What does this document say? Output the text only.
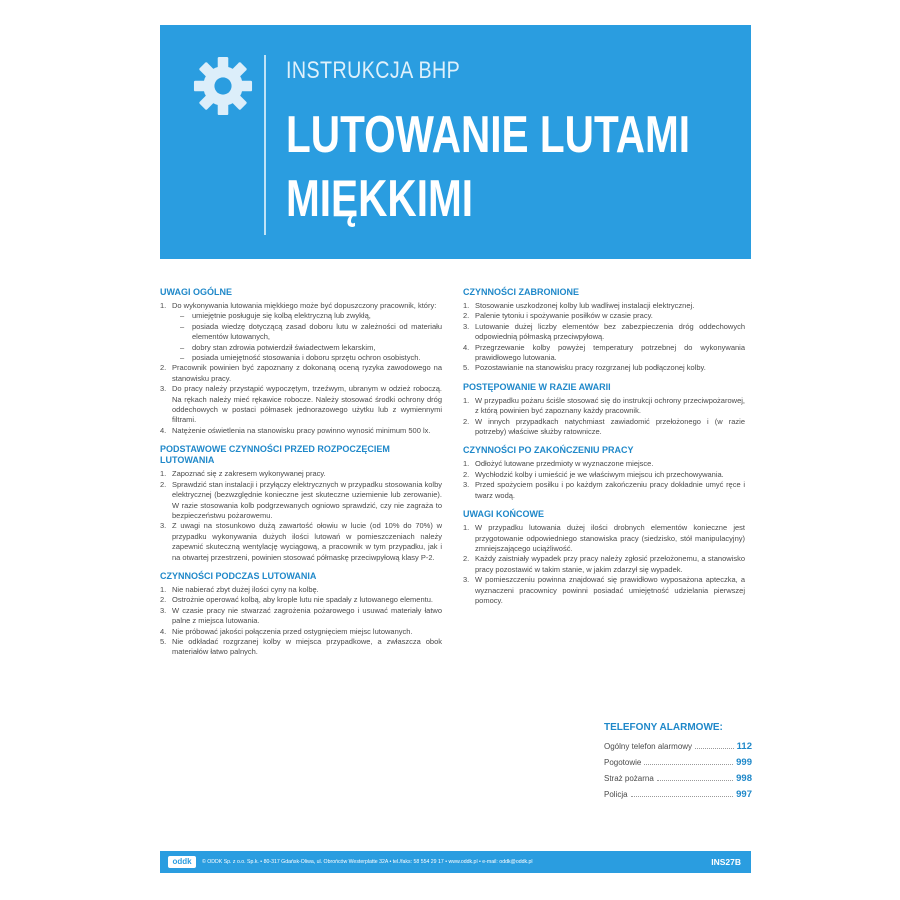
INSTRUKCJA BHP
LUTOWANIE LUTAMI MIĘKKIMI
UWAGI OGÓLNE
1. Do wykonywania lutowania miękkiego może być dopuszczony pracownik, który:
– umiejętnie posługuje się kolbą elektryczną lub zwykłą,
– posiada wiedzę dotyczącą zasad doboru lutu w zależności od materiału elementów lutowanych,
– dobry stan zdrowia potwierdził świadectwem lekarskim,
– posiada umiejętność stosowania i doboru sprzętu ochron osobistych.
2. Pracownik powinien być zapoznany z dokonaną oceną ryzyka zawodowego na stanowisku pracy.
3. Do pracy należy przystąpić wypoczętym, trzeźwym, ubranym w odzież roboczą. Na rękach należy mieć rękawice robocze. Należy stosować środki ochrony dróg oddechowych w postaci półmasek jednorazowego użytku lub z wymiennymi filtrami.
4. Natężenie oświetlenia na stanowisku pracy powinno wynosić minimum 500 lx.
PODSTAWOWE CZYNNOŚCI PRZED ROZPOCZĘCIEM LUTOWANIA
1. Zapoznać się z zakresem wykonywanej pracy.
2. Sprawdzić stan instalacji i przyłączy elektrycznych w przypadku stosowania kolby elektrycznej (bezwzględnie konieczne jest skuteczne uziemienie lub zerowanie). W razie stosowania kolb podgrzewanych ogniowo sprawdzić, czy nie zagraża to bezpieczeństwu pożarowemu.
3. Z uwagi na stosunkowo dużą zawartość ołowiu w lucie (od 10% do 70%) w przypadku wykonywania dużych ilości lutowań w pomieszczeniach należy zapewnić skuteczną wentylację wyciągową, a pracownik w tym przypadku, jak i na otwartej przestrzeni, powinien stosować półmaskę przeciwpyłową klasy P-2.
CZYNNOŚCI PODCZAS LUTOWANIA
1. Nie nabierać zbyt dużej ilości cyny na kolbę.
2. Ostrożnie operować kolbą, aby krople lutu nie spadały z lutowanego elementu.
3. W czasie pracy nie stwarzać zagrożenia pożarowego i usuwać materiały łatwo palne z miejsca lutowania.
4. Nie próbować jakości połączenia przed ostygnięciem miejsc lutowanych.
5. Nie odkładać rozgrzanej kolby w miejsca przypadkowe, a zwłaszcza obok materiałów łatwo palnych.
CZYNNOŚCI ZABRONIONE
1. Stosowanie uszkodzonej kolby lub wadliwej instalacji elektrycznej.
2. Palenie tytoniu i spożywanie posiłków w czasie pracy.
3. Lutowanie dużej liczby elementów bez zabezpieczenia dróg oddechowych odpowiednią półmaską przeciwpyłową.
4. Przegrzewanie kolby powyżej temperatury potrzebnej do wykonywania prawidłowego lutowania.
5. Pozostawianie na stanowisku pracy rozgrzanej lub podłączonej kolby.
POSTĘPOWANIE W RAZIE AWARII
1. W przypadku pożaru ściśle stosować się do instrukcji ochrony przeciwpożarowej, z którą powinien być zapoznany każdy pracownik.
2. W innych przypadkach natychmiast zawiadomić przełożonego i (w razie potrzeby) właściwe służby ratownicze.
CZYNNOŚCI PO ZAKOŃCZENIU PRACY
1. Odłożyć lutowane przedmioty w wyznaczone miejsce.
2. Wychłodzić kolby i umieścić je we właściwym miejscu ich przechowywania.
3. Przed spożyciem posiłku i po każdym zakończeniu pracy dokładnie umyć ręce i twarz wodą.
UWAGI KOŃCOWE
1. W przypadku lutowania dużej ilości drobnych elementów konieczne jest przygotowanie odpowiedniego stanowiska pracy (siedzisko, stół manipulacyjny) zmniejszającego uciążliwość.
2. Każdy zaistniały wypadek przy pracy należy zgłosić przełożonemu, a stanowisko pracy pozostawić w takim stanie, w jakim zdarzył się wypadek.
3. W pomieszczeniu powinna znajdować się prawidłowo wyposażona apteczka, a wyznaczeni pracownicy powinni posiadać umiejętność udzielania pierwszej pomocy.
TELEFONY ALARMOWE:
Ogólny telefon alarmowy	112
Pogotowie	999
Straż pożarna	998
Policja	997
oddk	© ODDK Sp. z o.o. Sp.k. • 80-317 Gdańsk-Oliwa, ul. Obrońców Westerplatte 32A • tel./faks: 58 554 29 17 • www.oddk.pl • e-mail: oddk@oddk.pl	INS27B
